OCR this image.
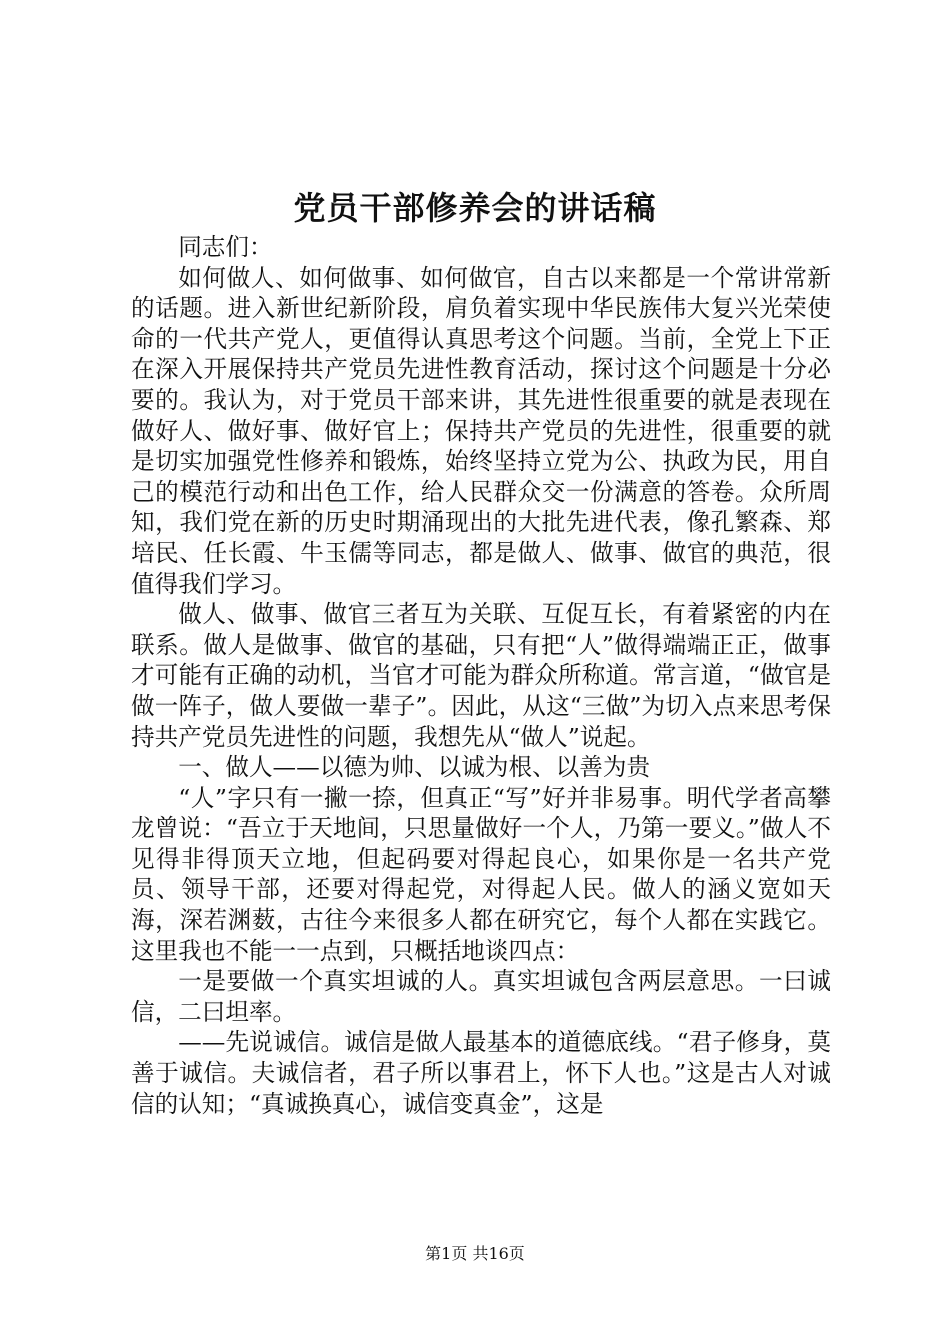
党员干部修养会的讲话稿

同志们：

如何做人、如何做事、如何做官，自古以来都是一个常讲常新的话题。进入新世纪新阶段，肩负着实现中华民族伟大复兴光荣使命的一代共产党人，更值得认真思考这个问题。当前，全党上下正在深入开展保持共产党员先进性教育活动，探讨这个问题是十分必要的。我认为，对于党员干部来讲，其先进性很重要的就是表现在做好人、做好事、做好官上；保持共产党员的先进性，很重要的就是切实加强党性修养和锻炼，始终坚持立党为公、执政为民，用自己的模范行动和出色工作，给人民群众交一份满意的答卷。众所周知，我们党在新的历史时期涌现出的大批先进代表，像孔繁森、郑培民、任长霞、牛玉儒等同志，都是做人、做事、做官的典范，很值得我们学习。

做人、做事、做官三者互为关联、互促互长，有着紧密的内在联系。做人是做事、做官的基础，只有把“人”做得端端正正，做事才可能有正确的动机，当官才可能为群众所称道。常言道，“做官是做一阵子，做人要做一辈子”。因此，从这“三做”为切入点来思考保持共产党员先进性的问题，我想先从“做人”说起。

一、做人——以德为帅、以诚为根、以善为贵

“人”字只有一撇一捺，但真正“写”好并非易事。明代学者高攀龙曾说：“吾立于天地间，只思量做好一个人，乃第一要义。”做人不见得非得顶天立地，但起码要对得起良心，如果你是一名共产党员、领导干部，还要对得起党，对得起人民。做人的涵义宽如天海，深若渊薮，古往今来很多人都在研究它，每个人都在实践它。这里我也不能一一点到，只概括地谈四点：

一是要做一个真实坦诚的人。真实坦诚包含两层意思。一曰诚信，二曰坦率。

——先说诚信。诚信是做人最基本的道德底线。“君子修身，莫善于诚信。夫诚信者，君子所以事君上，怀下人也。”这是古人对诚信的认知；“真诚换真心，诚信变真金”，这是

第1页 共16页
